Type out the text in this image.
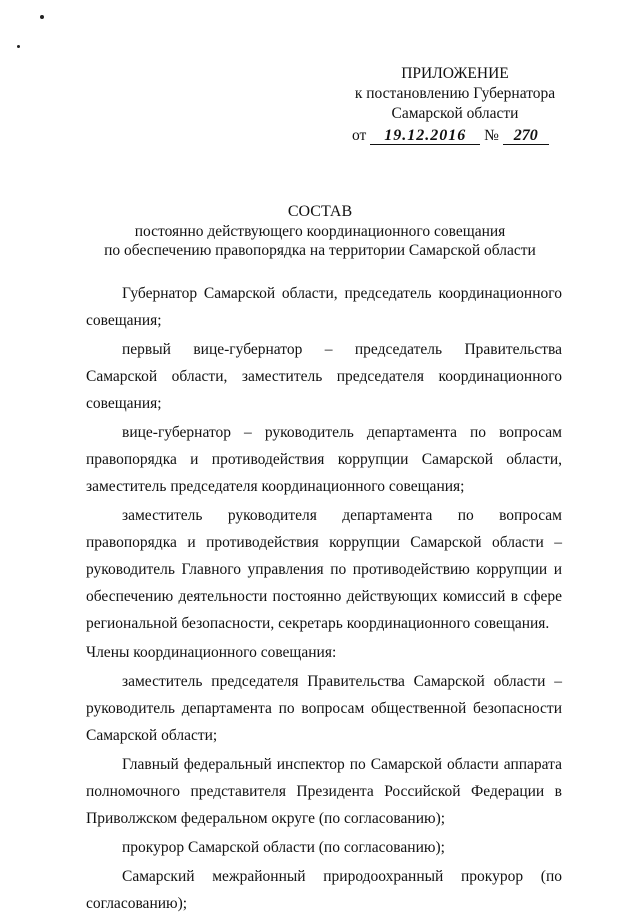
ПРИЛОЖЕНИЕ
к постановлению Губернатора
Самарской области
от 19.12.2016 № 270
СОСТАВ
постоянно действующего координационного совещания
по обеспечению правопорядка на территории Самарской области

Губернатор Самарской области, председатель координационного совещания;

первый вице-губернатор – председатель Правительства Самарской области, заместитель председателя координационного совещания;

вице-губернатор – руководитель департамента по вопросам правопорядка и противодействия коррупции Самарской области, заместитель председателя координационного совещания;

заместитель руководителя департамента по вопросам правопорядка и противодействия коррупции Самарской области – руководитель Главного управления по противодействию коррупции и обеспечению деятельности постоянно действующих комиссий в сфере региональной безопасности, секретарь координационного совещания.

Члены координационного совещания:

заместитель председателя Правительства Самарской области – руководитель департамента по вопросам общественной безопасности Самарской области;

Главный федеральный инспектор по Самарской области аппарата полномочного представителя Президента Российской Федерации в Приволжском федеральном округе (по согласованию);

прокурор Самарской области (по согласованию);

Самарский межрайонный природоохранный прокурор (по согласованию);
